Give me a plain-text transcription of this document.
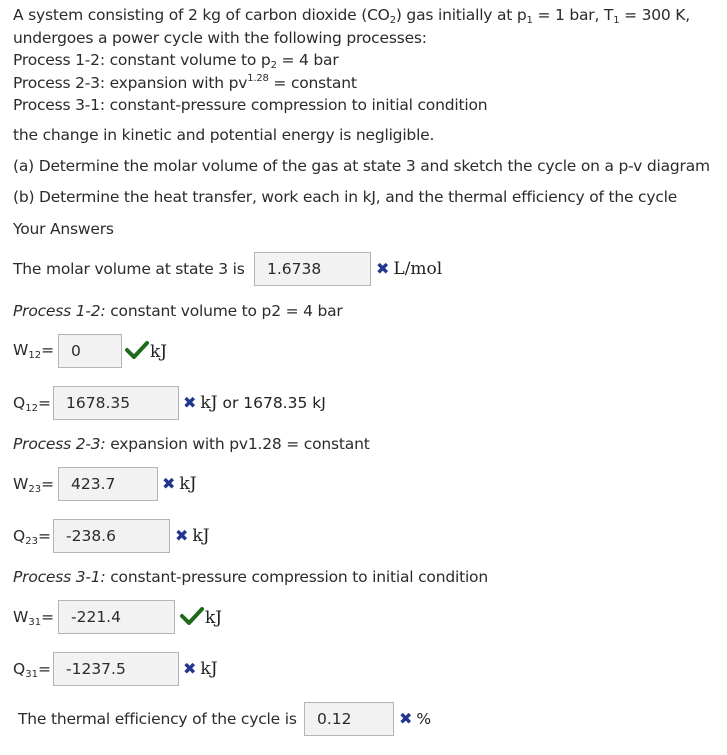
A system consisting of 2 kg of carbon dioxide $(CO_2)$ gas initially at $p_1 = 1$ bar, $T_1 = 300$ K,
undergoes a power cycle with the following processes:
Process 1-2: constant volume to $p_2 = 4$ bar
Process 2-3: expansion with $pv^{1.28}$ = constant
Process 3-1: constant-pressure compression to initial condition
the change in kinetic and potential energy is negligible.
(a) Determine the molar volume of the gas at state 3 and sketch the cycle on a p-v diagram
(b) Determine the heat transfer, work each in kJ, and the thermal efficiency of the cycle
Your Answers
The molar volume at state 3 is	1.6738	✖ L/mol
Process 1-2: constant volume to p2 = 4 bar
$W_{12}=$	0	kJ
$Q_{12}= 1678.35$	✖ kJ or 1678.35 kJ
Process 2-3: expansion with pv1.28 = constant
$W_{23}=$	423.7	✖ kJ
$Q_{23}= -238.6$	✖ kJ
Process 3-1: constant-pressure compression to initial condition
$W_{31}=$	-221.4	kJ
$Q_{31}= -1237.5$	✖ kJ
The thermal efficiency of the cycle is	0.12	✖ %
